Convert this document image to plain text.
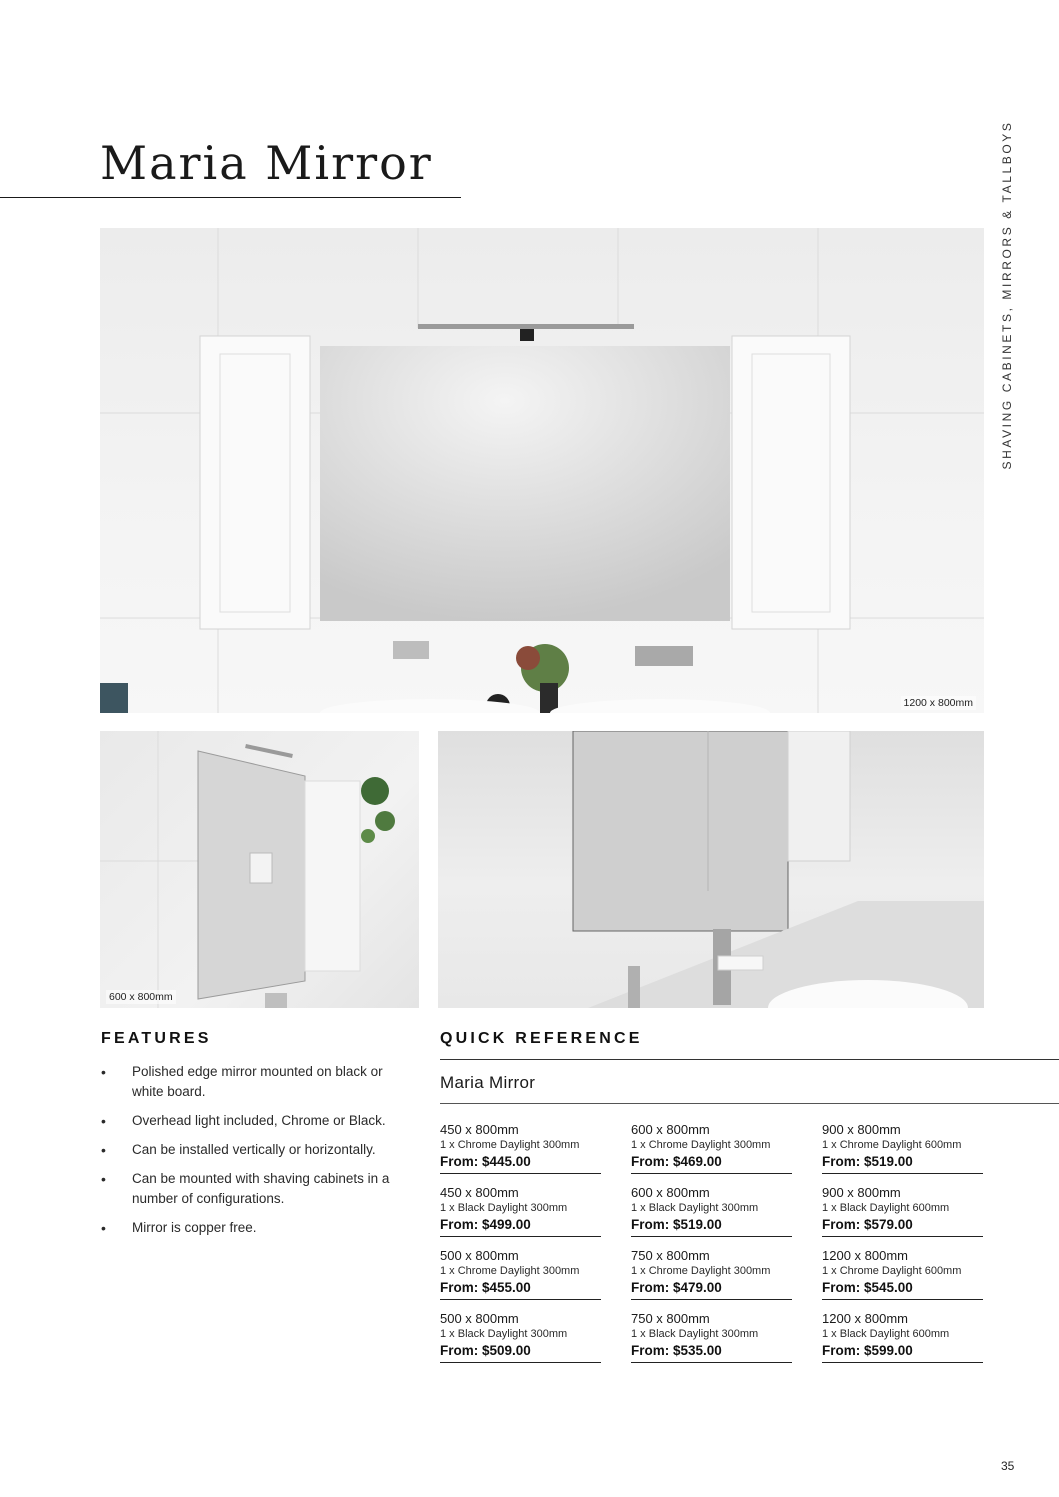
Maria Mirror	SHAVING CABINETS, MIRRORS & TALLBOYS
1200 x 800mm
600 x 800mm
FEATURES
• Polished edge mirror mounted on black or white board.
• Overhead light included, Chrome or Black.
• Can be installed vertically or horizontally.
• Can be mounted with shaving cabinets in a number of configurations.
• Mirror is copper free.
QUICK REFERENCE
Maria Mirror
450 x 800mm
1 x Chrome Daylight 300mm
From: $445.00
600 x 800mm
1 x Chrome Daylight 300mm
From: $469.00
900 x 800mm
1 x Chrome Daylight 600mm
From: $519.00
450 x 800mm
1 x Black Daylight 300mm
From: $499.00
600 x 800mm
1 x Black Daylight 300mm
From: $519.00
900 x 800mm
1 x Black Daylight 600mm
From: $579.00
500 x 800mm
1 x Chrome Daylight 300mm
From: $455.00
750 x 800mm
1 x Chrome Daylight 300mm
From: $479.00
1200 x 800mm
1 x Chrome Daylight 600mm
From: $545.00
500 x 800mm
1 x Black Daylight 300mm
From: $509.00
750 x 800mm
1 x Black Daylight 300mm
From: $535.00
1200 x 800mm
1 x Black Daylight 600mm
From: $599.00
35
